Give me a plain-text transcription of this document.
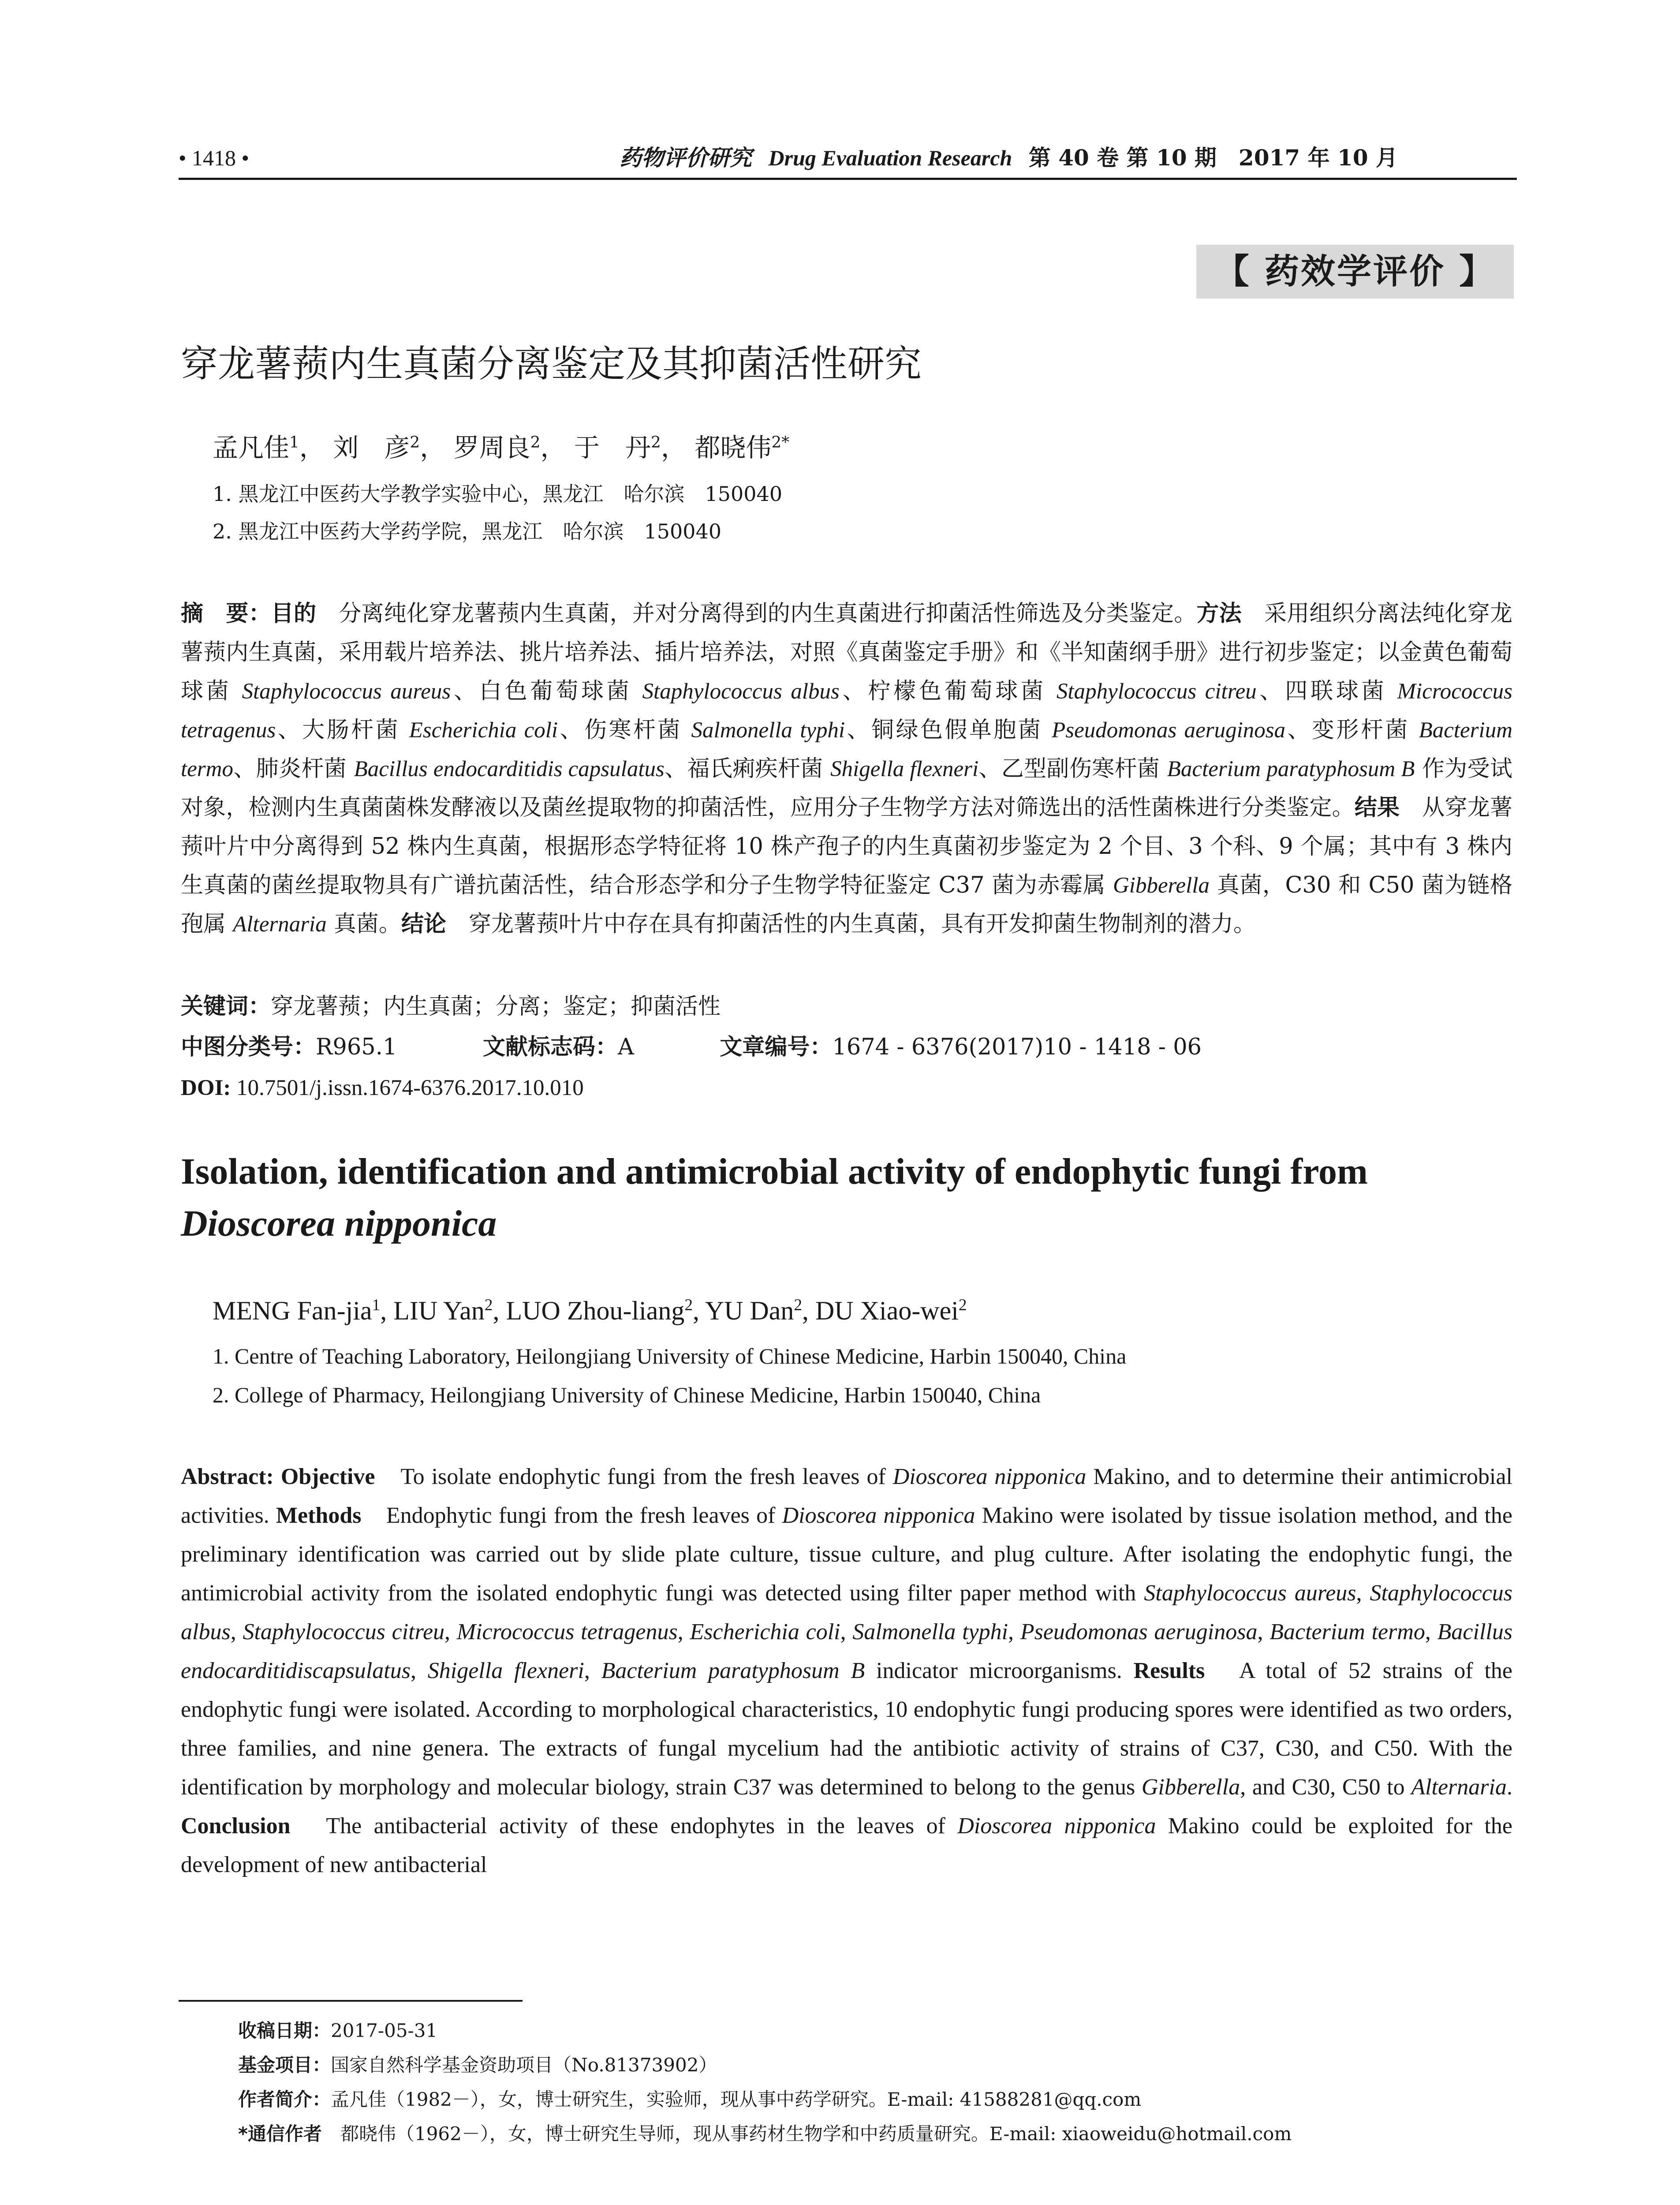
• 1418 •	药物评价研究 Drug Evaluation Research 第 40 卷 第 10 期　2017 年 10 月
【 药效学评价 】
穿龙薯蓣内生真菌分离鉴定及其抑菌活性研究
孟凡佳$^1$， 刘　彦$^2$， 罗周良$^2$， 于　丹$^2$， 都晓伟$^{2*}$
1. 黑龙江中医药大学教学实验中心，黑龙江　哈尔滨　150040
2. 黑龙江中医药大学药学院，黑龙江　哈尔滨　150040
摘　要：目的　分离纯化穿龙薯蓣内生真菌，并对分离得到的内生真菌进行抑菌活性筛选及分类鉴定。方法　采用组织分离法纯化穿龙薯蓣内生真菌，采用载片培养法、挑片培养法、插片培养法，对照《真菌鉴定手册》和《半知菌纲手册》进行初步鉴定；以金黄色葡萄球菌 Staphylococcus aureus、白色葡萄球菌 Staphylococcus albus、柠檬色葡萄球菌 Staphylococcus citreu、四联球菌 Micrococcus tetragenus、大肠杆菌 Escherichia coli、伤寒杆菌 Salmonella typhi、铜绿色假单胞菌 Pseudomonas aeruginosa、变形杆菌 Bacterium termo、肺炎杆菌 Bacillus endocarditidis capsulatus、福氏痢疾杆菌 Shigella flexneri、乙型副伤寒杆菌 Bacterium paratyphosum B 作为受试对象，检测内生真菌菌株发酵液以及菌丝提取物的抑菌活性，应用分子生物学方法对筛选出的活性菌株进行分类鉴定。结果　从穿龙薯蓣叶片中分离得到 52 株内生真菌，根据形态学特征将 10 株产孢子的内生真菌初步鉴定为 2 个目、3 个科、9 个属；其中有 3 株内生真菌的菌丝提取物具有广谱抗菌活性，结合形态学和分子生物学特征鉴定 C37 菌为赤霉属 Gibberella 真菌，C30 和 C50 菌为链格孢属 Alternaria 真菌。结论　穿龙薯蓣叶片中存在具有抑菌活性的内生真菌，具有开发抑菌生物制剂的潜力。
关键词：穿龙薯蓣；内生真菌；分离；鉴定；抑菌活性
中图分类号：R965.1	文献标志码：A	文章编号：1674 - 6376(2017)10 - 1418 - 06
DOI: 10.7501/j.issn.1674-6376.2017.10.010
Isolation, identification and antimicrobial activity of endophytic fungi from
Dioscorea nipponica
MENG Fan-jia$^1$, LIU Yan$^2$, LUO Zhou-liang$^2$, YU Dan$^2$, DU Xiao-wei$^2$
1. Centre of Teaching Laboratory, Heilongjiang University of Chinese Medicine, Harbin 150040, China
2. College of Pharmacy, Heilongjiang University of Chinese Medicine, Harbin 150040, China
Abstract: Objective　To isolate endophytic fungi from the fresh leaves of Dioscorea nipponica Makino, and to determine their antimicrobial activities. Methods　Endophytic fungi from the fresh leaves of Dioscorea nipponica Makino were isolated by tissue isolation method, and the preliminary identification was carried out by slide plate culture, tissue culture, and plug culture. After isolating the endophytic fungi, the antimicrobial activity from the isolated endophytic fungi was detected using filter paper method with Staphylococcus aureus, Staphylococcus albus, Staphylococcus citreu, Micrococcus tetragenus, Escherichia coli, Salmonella typhi, Pseudomonas aeruginosa, Bacterium termo, Bacillus endocarditidiscapsulatus, Shigella flexneri, Bacterium paratyphosum B indicator microorganisms. Results　A total of 52 strains of the endophytic fungi were isolated. According to morphological characteristics, 10 endophytic fungi producing spores were identified as two orders, three families, and nine genera. The extracts of fungal mycelium had the antibiotic activity of strains of C37, C30, and C50. With the identification by morphology and molecular biology, strain C37 was determined to belong to the genus Gibberella, and C30, C50 to Alternaria. Conclusion　The antibacterial activity of these endophytes in the leaves of Dioscorea nipponica Makino could be exploited for the development of new antibacterial
收稿日期：2017-05-31
基金项目：国家自然科学基金资助项目（No.81373902）
作者简介：孟凡佳（1982－），女，博士研究生，实验师，现从事中药学研究。E-mail: 41588281@qq.com
*通信作者　都晓伟（1962－），女，博士研究生导师，现从事药材生物学和中药质量研究。E-mail: xiaoweidu@hotmail.com
